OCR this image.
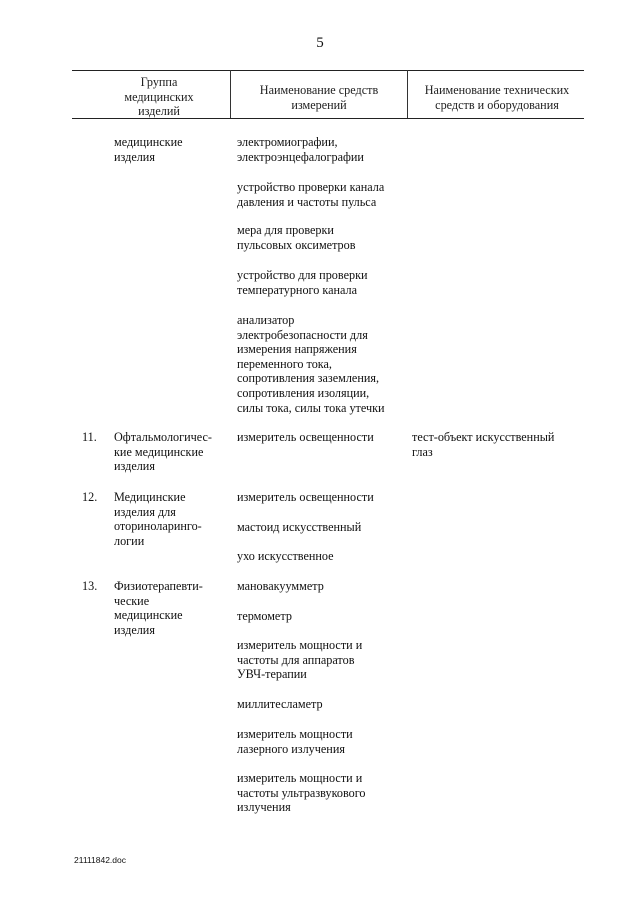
5
Группа
медицинских
изделий
Наименование средств
измерений
Наименование технических
средств и оборудования
медицинские
изделия
электромиографии,
электроэнцефалографии
устройство проверки канала
давления и частоты пульса
мера для проверки
пульсовых оксиметров
устройство для проверки
температурного канала
анализатор
электробезопасности для
измерения напряжения
переменного тока,
сопротивления заземления,
сопротивления изоляции,
силы тока, силы тока утечки
11. Офтальмологичес-
кие медицинские
изделия
измеритель освещенности	тест-объект искусственный
глаз
12. Медицинские
изделия для
оториноларинго-
логии
измеритель освещенности
мастоид искусственный
ухо искусственное
13. Физиотерапевти-
ческие
медицинские
изделия
мановакуумметр
термометр
измеритель мощности и
частоты для аппаратов
УВЧ-терапии
миллитесламетр
измеритель мощности
лазерного излучения
измеритель мощности и
частоты ультразвукового
излучения
21111842.doc
